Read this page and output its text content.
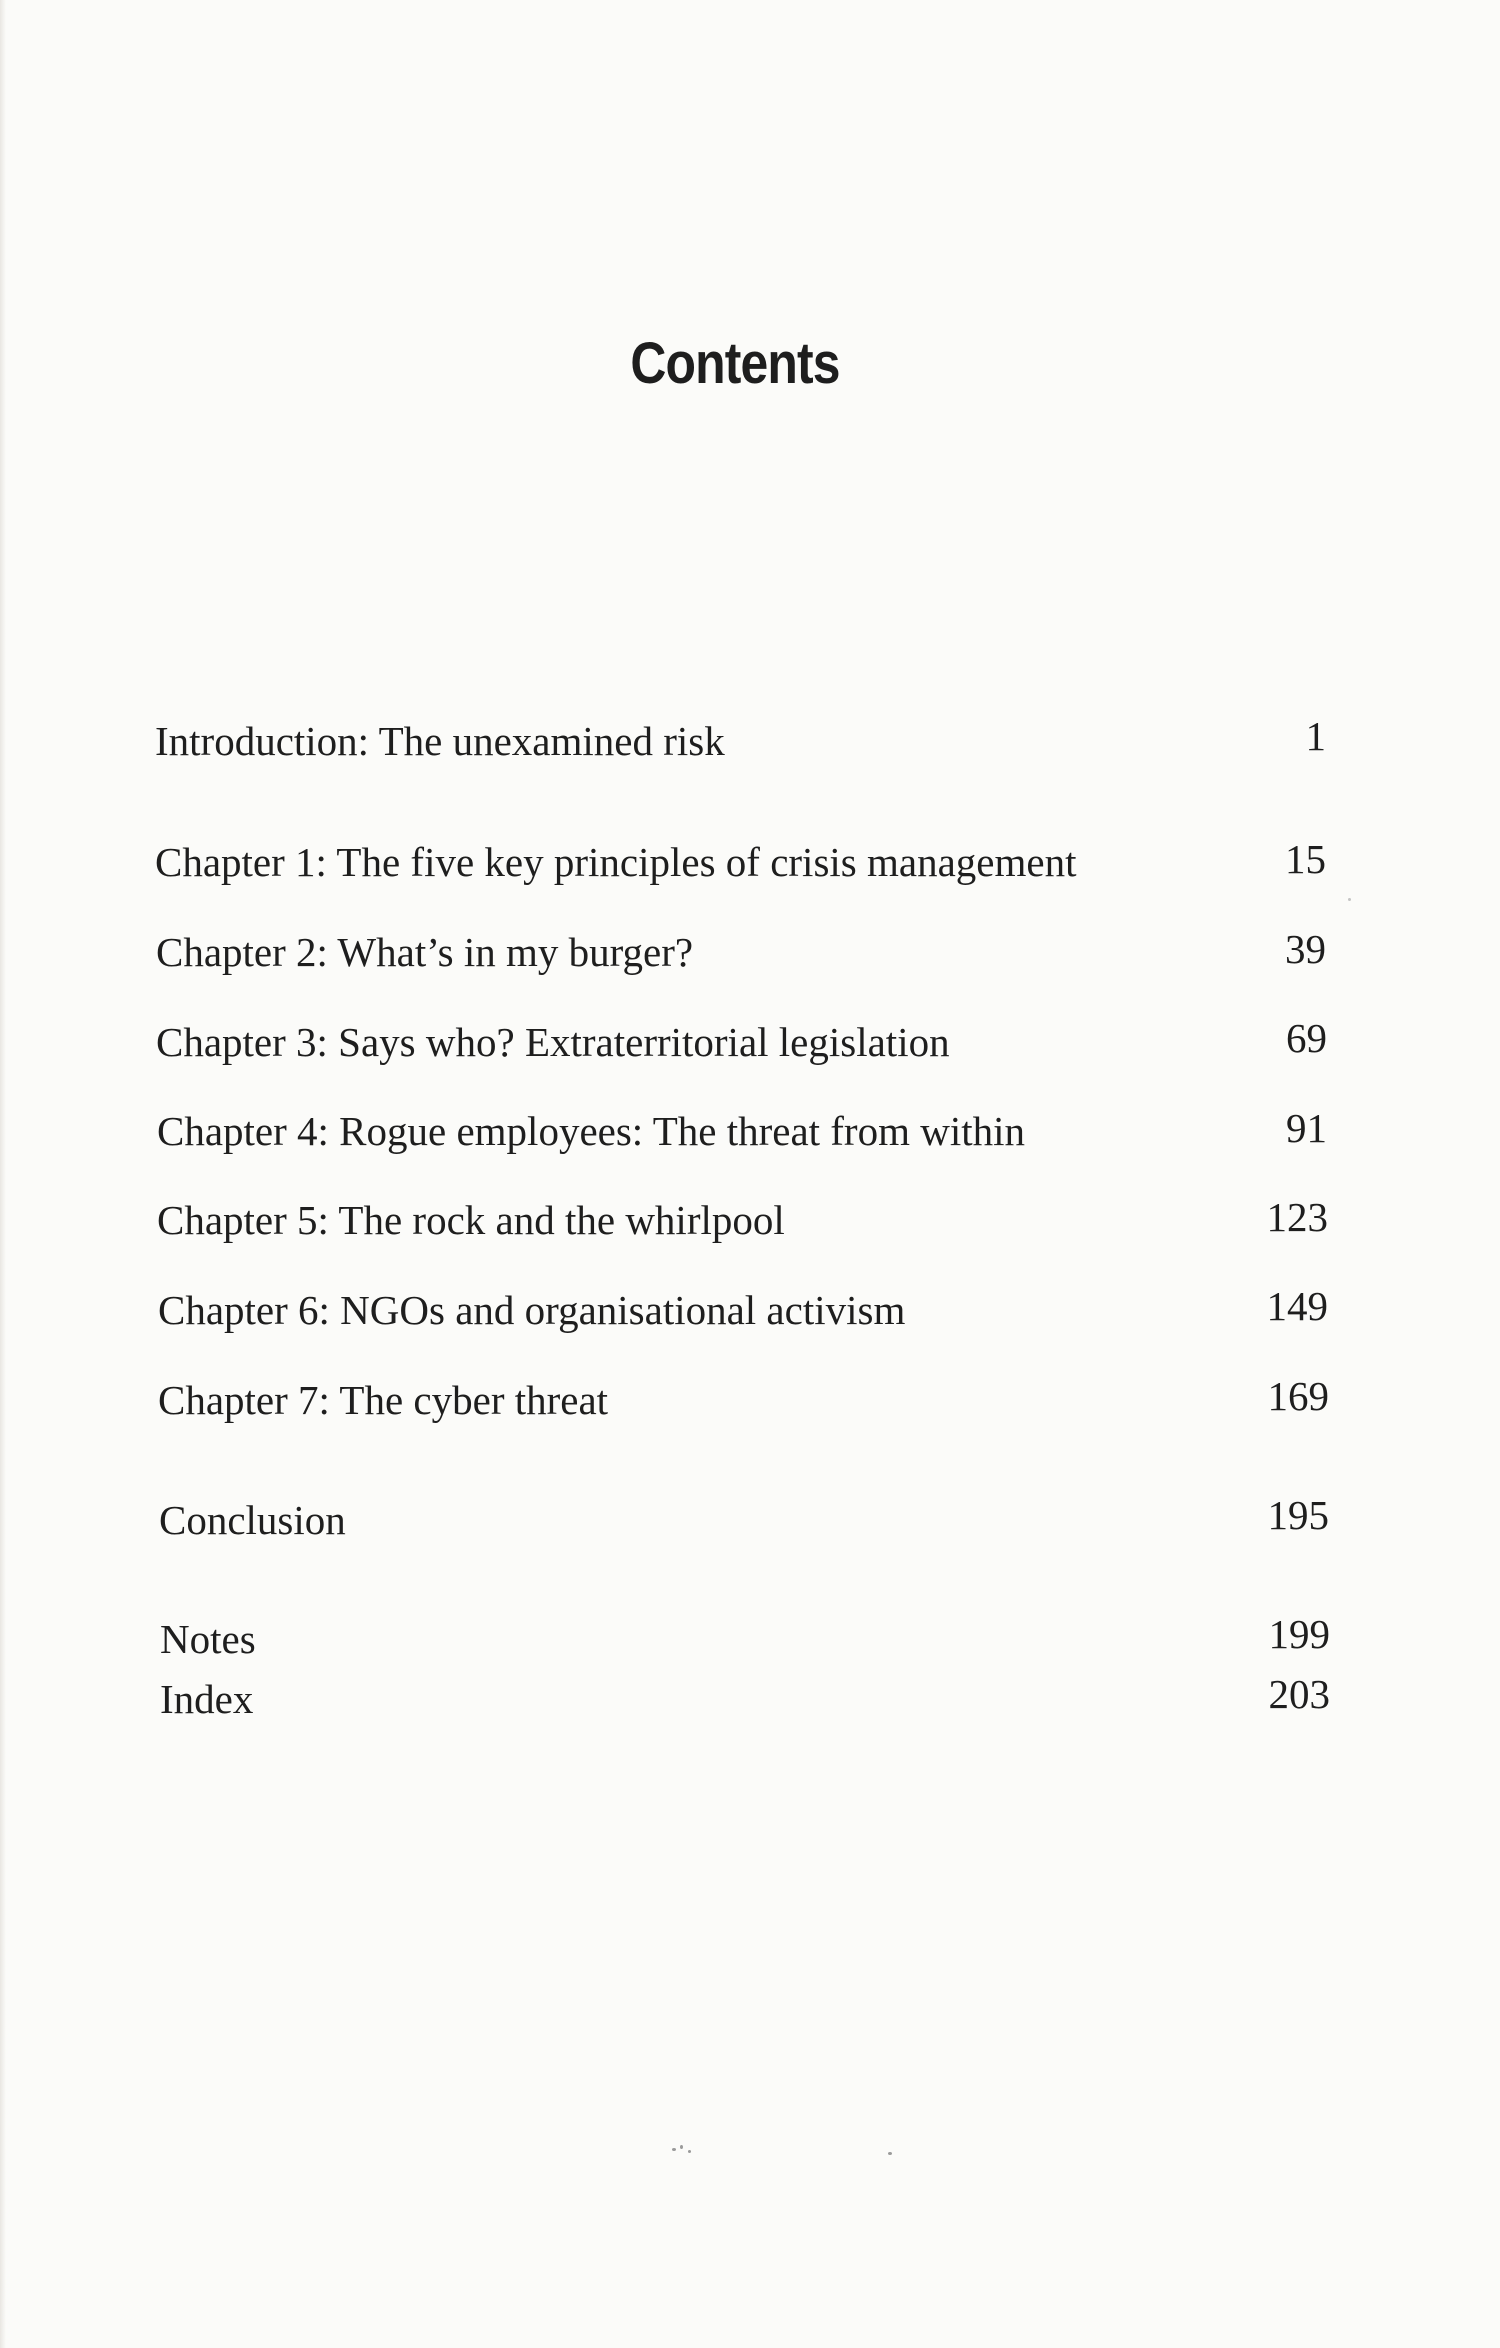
Contents
Introduction: The unexamined risk	1
Chapter 1: The five key principles of crisis management	15
Chapter 2: What’s in my burger?	39
Chapter 3: Says who? Extraterritorial legislation	69
Chapter 4: Rogue employees: The threat from within	91
Chapter 5: The rock and the whirlpool	123
Chapter 6: NGOs and organisational activism	149
Chapter 7: The cyber threat	169
Conclusion	195
Notes	199
Index	203
